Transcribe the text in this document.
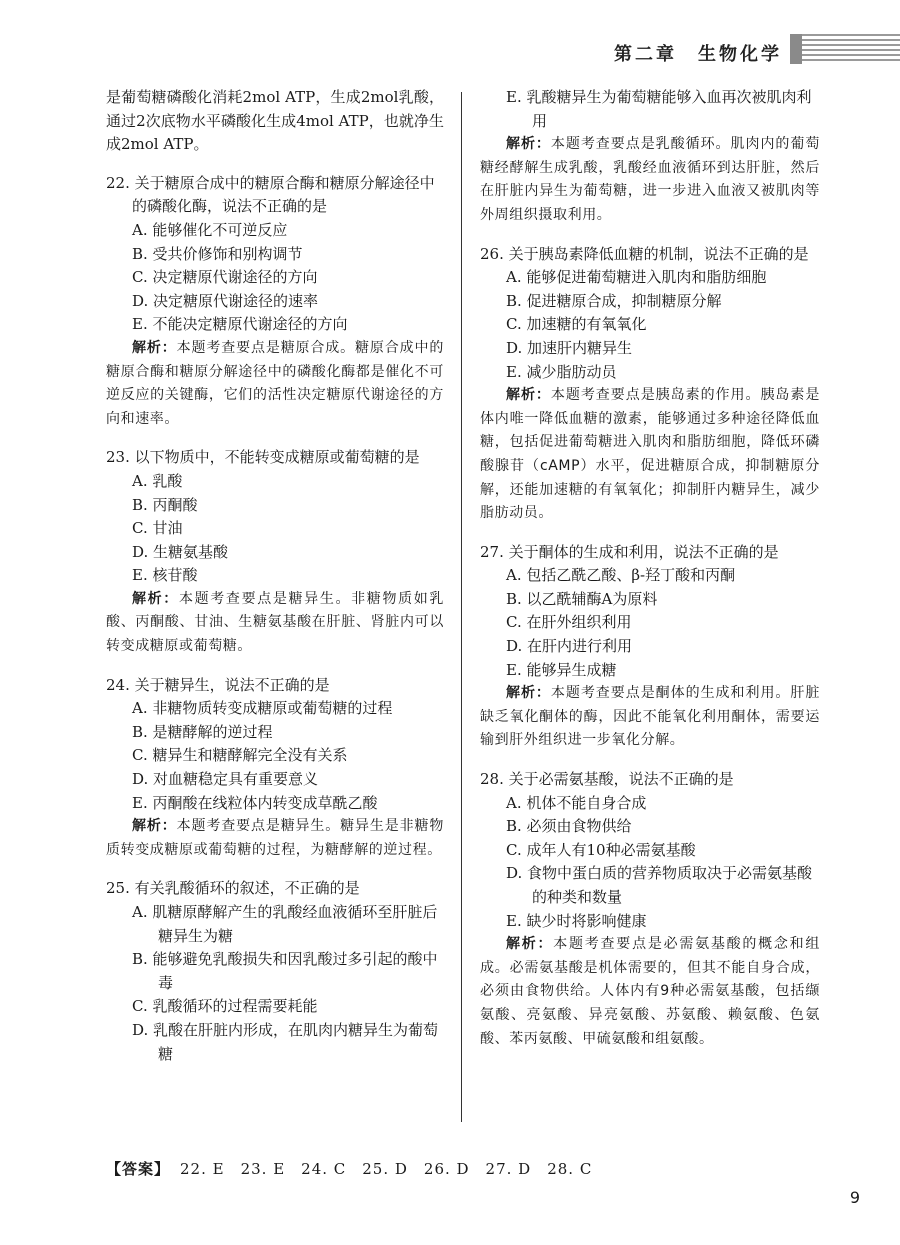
第二章　生物化学
是葡萄糖磷酸化消耗2mol ATP，生成2mol乳酸，通过2次底物水平磷酸化生成4mol ATP，也就净生成2mol ATP。
22. 关于糖原合成中的糖原合酶和糖原分解途径中的磷酸化酶，说法不正确的是
A. 能够催化不可逆反应
B. 受共价修饰和别构调节
C. 决定糖原代谢途径的方向
D. 决定糖原代谢途径的速率
E. 不能决定糖原代谢途径的方向
解析：本题考查要点是糖原合成。糖原合成中的糖原合酶和糖原分解途径中的磷酸化酶都是催化不可逆反应的关键酶，它们的活性决定糖原代谢途径的方向和速率。
23. 以下物质中，不能转变成糖原或葡萄糖的是
A. 乳酸
B. 丙酮酸
C. 甘油
D. 生糖氨基酸
E. 核苷酸
解析：本题考查要点是糖异生。非糖物质如乳酸、丙酮酸、甘油、生糖氨基酸在肝脏、肾脏内可以转变成糖原或葡萄糖。
24. 关于糖异生，说法不正确的是
A. 非糖物质转变成糖原或葡萄糖的过程
B. 是糖酵解的逆过程
C. 糖异生和糖酵解完全没有关系
D. 对血糖稳定具有重要意义
E. 丙酮酸在线粒体内转变成草酰乙酸
解析：本题考查要点是糖异生。糖异生是非糖物质转变成糖原或葡萄糖的过程，为糖酵解的逆过程。
25. 有关乳酸循环的叙述，不正确的是
A. 肌糖原酵解产生的乳酸经血液循环至肝脏后糖异生为糖
B. 能够避免乳酸损失和因乳酸过多引起的酸中毒
C. 乳酸循环的过程需要耗能
D. 乳酸在肝脏内形成，在肌肉内糖异生为葡萄糖
E. 乳酸糖异生为葡萄糖能够入血再次被肌肉利用
解析：本题考查要点是乳酸循环。肌肉内的葡萄糖经酵解生成乳酸，乳酸经血液循环到达肝脏，然后在肝脏内异生为葡萄糖，进一步进入血液又被肌肉等外周组织摄取利用。
26. 关于胰岛素降低血糖的机制，说法不正确的是
A. 能够促进葡萄糖进入肌肉和脂肪细胞
B. 促进糖原合成，抑制糖原分解
C. 加速糖的有氧氧化
D. 加速肝内糖异生
E. 减少脂肪动员
解析：本题考查要点是胰岛素的作用。胰岛素是体内唯一降低血糖的激素，能够通过多种途径降低血糖，包括促进葡萄糖进入肌肉和脂肪细胞，降低环磷酸腺苷（cAMP）水平，促进糖原合成，抑制糖原分解，还能加速糖的有氧氧化；抑制肝内糖异生，减少脂肪动员。
27. 关于酮体的生成和利用，说法不正确的是
A. 包括乙酰乙酸、β-羟丁酸和丙酮
B. 以乙酰辅酶A为原料
C. 在肝外组织利用
D. 在肝内进行利用
E. 能够异生成糖
解析：本题考查要点是酮体的生成和利用。肝脏缺乏氧化酮体的酶，因此不能氧化利用酮体，需要运输到肝外组织进一步氧化分解。
28. 关于必需氨基酸，说法不正确的是
A. 机体不能自身合成
B. 必须由食物供给
C. 成年人有10种必需氨基酸
D. 食物中蛋白质的营养物质取决于必需氨基酸的种类和数量
E. 缺少时将影响健康
解析：本题考查要点是必需氨基酸的概念和组成。必需氨基酸是机体需要的，但其不能自身合成，必须由食物供给。人体内有9种必需氨基酸，包括缬氨酸、亮氨酸、异亮氨酸、苏氨酸、赖氨酸、色氨酸、苯丙氨酸、甲硫氨酸和组氨酸。
【答案】 22. E　23. E　24. C　25. D　26. D　27. D　28. C
9
